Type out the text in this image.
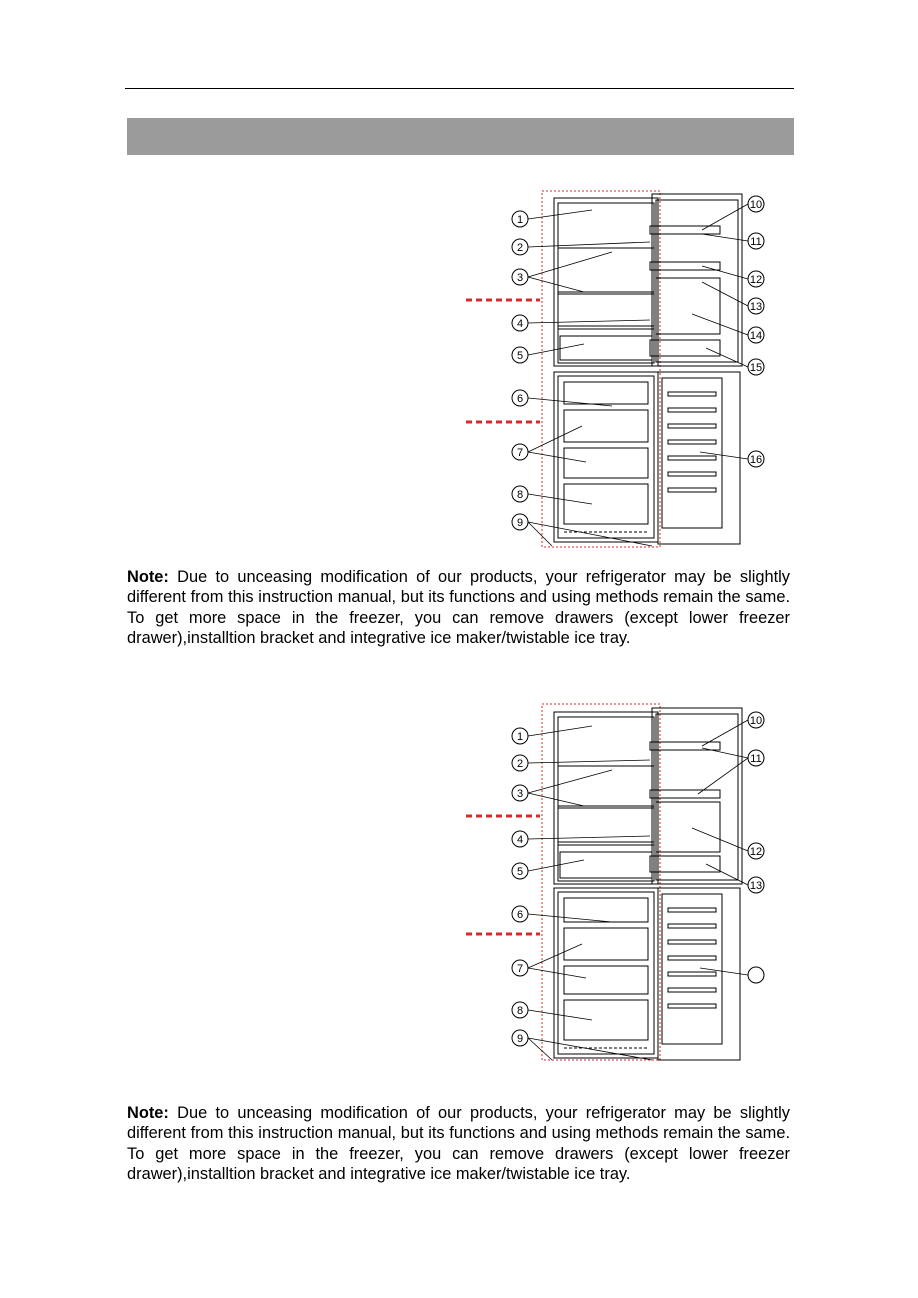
1
2
3
4
5
6
7
8
9
10
11
12
13
14
15
16

Note: Due to unceasing modification of our products, your refrigerator may be slightly different from this instruction manual, but its functions and using methods remain the same. To get more space in the freezer, you can remove drawers (except lower freezer drawer),installtion bracket and integrative ice maker/twistable ice tray.

1
2
3
4
5
6
7
8
9
10
11
12
13

Note: Due to unceasing modification of our products, your refrigerator may be slightly different from this instruction manual, but its functions and using methods remain the same. To get more space in the freezer, you can remove drawers (except lower freezer drawer),installtion bracket and integrative ice maker/twistable ice tray.
